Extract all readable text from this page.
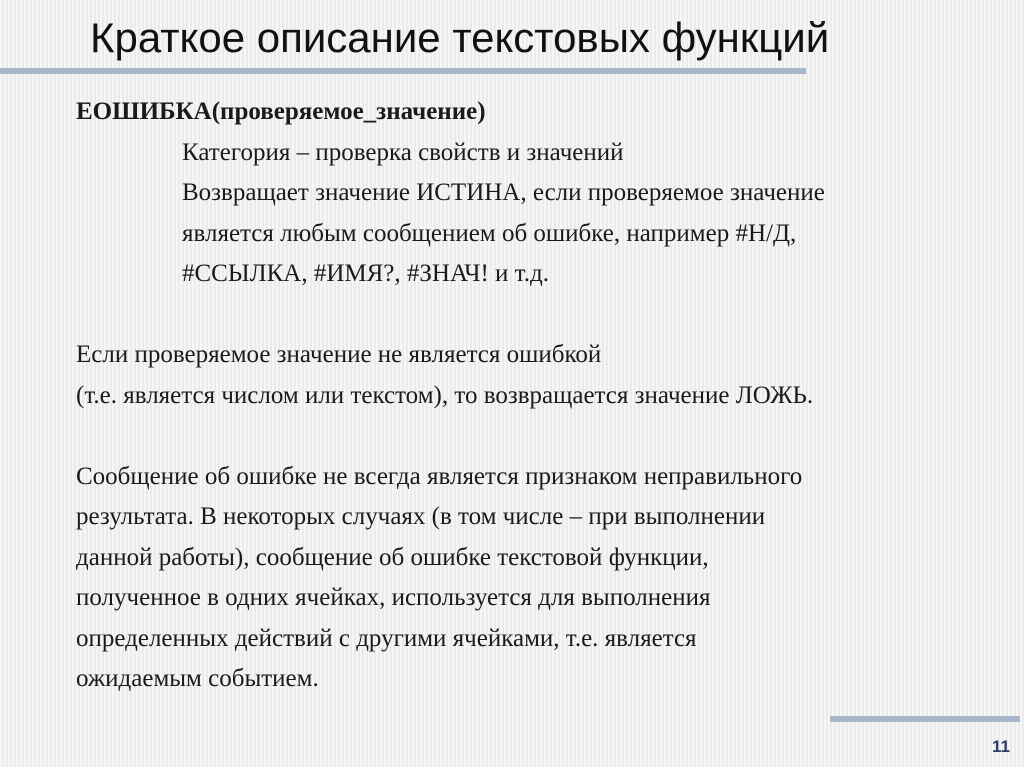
Краткое описание текстовых функций

ЕОШИБКА(проверяемое_значение)

Категория – проверка свойств и значений

Возвращает значение ИСТИНА, если проверяемое значение

является любым сообщением об ошибке, например #Н/Д,

#ССЫЛКА, #ИМЯ?, #ЗНАЧ! и т.д.

Если проверяемое значение не является ошибкой

(т.е. является числом или текстом), то возвращается значение ЛОЖЬ.

Сообщение об ошибке не всегда является признаком неправильного

результата. В некоторых случаях (в том числе – при выполнении

данной работы), сообщение об ошибке текстовой функции,

полученное в одних ячейках, используется для выполнения

определенных действий с другими ячейками, т.е. является

ожидаемым событием.

11
